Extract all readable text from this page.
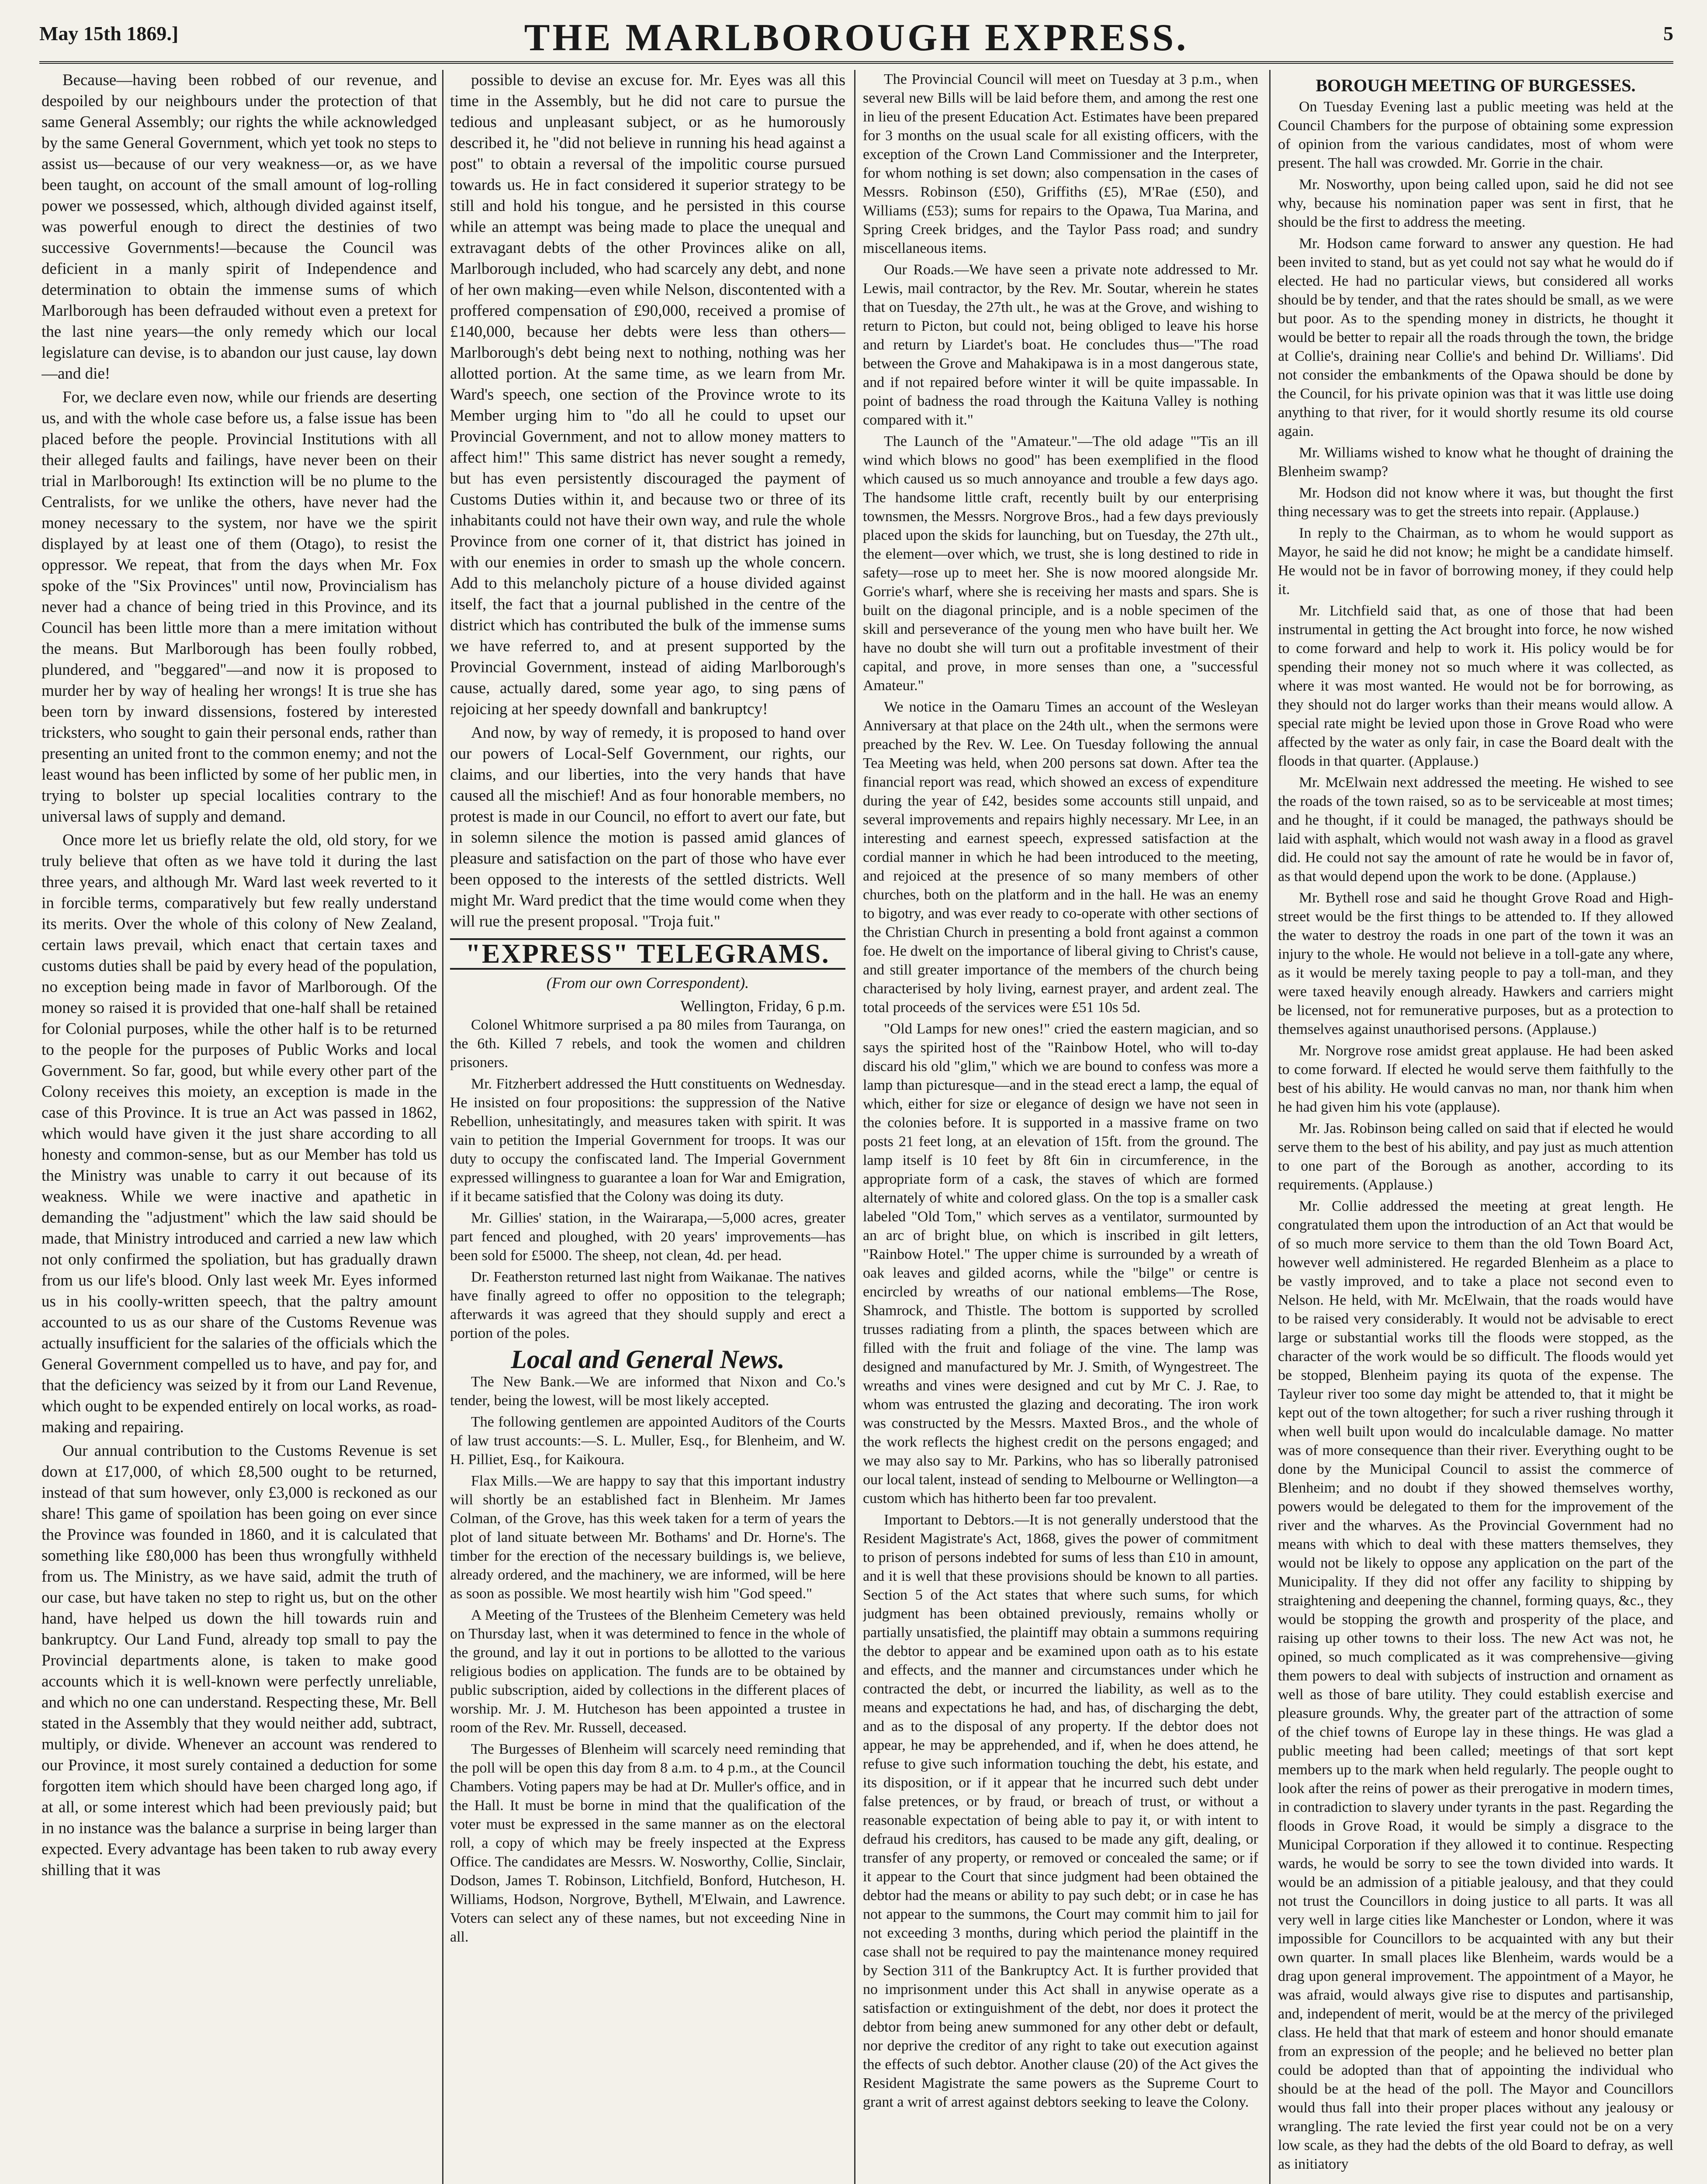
May 15th 1869.]	THE MARLBOROUGH EXPRESS.	5

Because—having been robbed of our revenue, and despoiled by our neighbours under the protection of that same General Assembly; our rights the while acknowledged by the same General Government, which yet took no steps to assist us—because of our very weakness—or, as we have been taught, on account of the small amount of log-rolling power we possessed, which, although divided against itself, was powerful enough to direct the destinies of two successive Governments!—because the Council was deficient in a manly spirit of Independence and determination to obtain the immense sums of which Marlborough has been defrauded without even a pretext for the last nine years—the only remedy which our local legislature can devise, is to abandon our just cause, lay down—and die!

For, we declare even now, while our friends are deserting us, and with the whole case before us, a false issue has been placed before the people. Provincial Institutions with all their alleged faults and failings, have never been on their trial in Marlborough! Its extinction will be no plume to the Centralists, for we unlike the others, have never had the money necessary to the system, nor have we the spirit displayed by at least one of them (Otago), to resist the oppressor. We repeat, that from the days when Mr. Fox spoke of the "Six Provinces" until now, Provincialism has never had a chance of being tried in this Province, and its Council has been little more than a mere imitation without the means. But Marlborough has been foully robbed, plundered, and "beggared"—and now it is proposed to murder her by way of healing her wrongs! It is true she has been torn by inward dissensions, fostered by interested tricksters, who sought to gain their personal ends, rather than presenting an united front to the common enemy; and not the least wound has been inflicted by some of her public men, in trying to bolster up special localities contrary to the universal laws of supply and demand.

Once more let us briefly relate the old, old story, for we truly believe that often as we have told it during the last three years, and although Mr. Ward last week reverted to it in forcible terms, comparatively but few really understand its merits. Over the whole of this colony of New Zealand, certain laws prevail, which enact that certain taxes and customs duties shall be paid by every head of the population, no exception being made in favor of Marlborough. Of the money so raised it is provided that one-half shall be retained for Colonial purposes, while the other half is to be returned to the people for the purposes of Public Works and local Government. So far, good, but while every other part of the Colony receives this moiety, an exception is made in the case of this Province. It is true an Act was passed in 1862, which would have given it the just share according to all honesty and common-sense, but as our Member has told us the Ministry was unable to carry it out because of its weakness. While we were inactive and apathetic in demanding the "adjustment" which the law said should be made, that Ministry introduced and carried a new law which not only confirmed the spoliation, but has gradually drawn from us our life's blood. Only last week Mr. Eyes informed us in his coolly-written speech, that the paltry amount accounted to us as our share of the Customs Revenue was actually insufficient for the salaries of the officials which the General Government compelled us to have, and pay for, and that the deficiency was seized by it from our Land Revenue, which ought to be expended entirely on local works, as road-making and repairing.

Our annual contribution to the Customs Revenue is set down at £17,000, of which £8,500 ought to be returned, instead of that sum however, only £3,000 is reckoned as our share! This game of spoilation has been going on ever since the Province was founded in 1860, and it is calculated that something like £80,000 has been thus wrongfully withheld from us. The Ministry, as we have said, admit the truth of our case, but have taken no step to right us, but on the other hand, have helped us down the hill towards ruin and bankruptcy. Our Land Fund, already top small to pay the Provincial departments alone, is taken to make good accounts which it is well-known were perfectly unreliable, and which no one can understand. Respecting these, Mr. Bell stated in the Assembly that they would neither add, subtract, multiply, or divide. Whenever an account was rendered to our Province, it most surely contained a deduction for some forgotten item which should have been charged long ago, if at all, or some interest which had been previously paid; but in no instance was the balance a surprise in being larger than expected. Every advantage has been taken to rub away every shilling that it was

possible to devise an excuse for. Mr. Eyes was all this time in the Assembly, but he did not care to pursue the tedious and unpleasant subject, or as he humorously described it, he "did not believe in running his head against a post" to obtain a reversal of the impolitic course pursued towards us. He in fact considered it superior strategy to be still and hold his tongue, and he persisted in this course while an attempt was being made to place the unequal and extravagant debts of the other Provinces alike on all, Marlborough included, who had scarcely any debt, and none of her own making—even while Nelson, discontented with a proffered compensation of £90,000, received a promise of £140,000, because her debts were less than others—Marlborough's debt being next to nothing, nothing was her allotted portion. At the same time, as we learn from Mr. Ward's speech, one section of the Province wrote to its Member urging him to "do all he could to upset our Provincial Government, and not to allow money matters to affect him!" This same district has never sought a remedy, but has even persistently discouraged the payment of Customs Duties within it, and because two or three of its inhabitants could not have their own way, and rule the whole Province from one corner of it, that district has joined in with our enemies in order to smash up the whole concern. Add to this melancholy picture of a house divided against itself, the fact that a journal published in the centre of the district which has contributed the bulk of the immense sums we have referred to, and at present supported by the Provincial Government, instead of aiding Marlborough's cause, actually dared, some year ago, to sing pæns of rejoicing at her speedy downfall and bankruptcy!

And now, by way of remedy, it is proposed to hand over our powers of Local-Self Government, our rights, our claims, and our liberties, into the very hands that have caused all the mischief! And as four honorable members, no protest is made in our Council, no effort to avert our fate, but in solemn silence the motion is passed amid glances of pleasure and satisfaction on the part of those who have ever been opposed to the interests of the settled districts. Well might Mr. Ward predict that the time would come when they will rue the present proposal. "Troja fuit."

"EXPRESS" TELEGRAMS.
(From our own Correspondent).
Wellington, Friday, 6 p.m.

Colonel Whitmore surprised a pa 80 miles from Tauranga, on the 6th. Killed 7 rebels, and took the women and children prisoners.

Mr. Fitzherbert addressed the Hutt constituents on Wednesday. He insisted on four propositions: the suppression of the Native Rebellion, unhesitatingly, and measures taken with spirit. It was vain to petition the Imperial Government for troops. It was our duty to occupy the confiscated land. The Imperial Government expressed willingness to guarantee a loan for War and Emigration, if it became satisfied that the Colony was doing its duty.

Mr. Gillies' station, in the Wairarapa,—5,000 acres, greater part fenced and ploughed, with 20 years' improvements—has been sold for £5000. The sheep, not clean, 4d. per head.

Dr. Featherston returned last night from Waikanae. The natives have finally agreed to offer no opposition to the telegraph; afterwards it was agreed that they should supply and erect a portion of the poles.

Local and General News.

The New Bank.—We are informed that Nixon and Co.'s tender, being the lowest, will be most likely accepted.

The following gentlemen are appointed Auditors of the Courts of law trust accounts:—S. L. Muller, Esq., for Blenheim, and W. H. Pilliet, Esq., for Kaikoura.

Flax Mills.—We are happy to say that this important industry will shortly be an established fact in Blenheim. Mr James Colman, of the Grove, has this week taken for a term of years the plot of land situate between Mr. Bothams' and Dr. Horne's. The timber for the erection of the necessary buildings is, we believe, already ordered, and the machinery, we are informed, will be here as soon as possible. We most heartily wish him "God speed."

A Meeting of the Trustees of the Blenheim Cemetery was held on Thursday last, when it was determined to fence in the whole of the ground, and lay it out in portions to be allotted to the various religious bodies on application. The funds are to be obtained by public subscription, aided by collections in the different places of worship. Mr. J. M. Hutcheson has been appointed a trustee in room of the Rev. Mr. Russell, deceased.

The Burgesses of Blenheim will scarcely need reminding that the poll will be open this day from 8 a.m. to 4 p.m., at the Council Chambers. Voting papers may be had at Dr. Muller's office, and in the Hall. It must be borne in mind that the qualification of the voter must be expressed in the same manner as on the electoral roll, a copy of which may be freely inspected at the Express Office. The candidates are Messrs. W. Nosworthy, Collie, Sinclair, Dodson, James T. Robinson, Litchfield, Bonford, Hutcheson, H. Williams, Hodson, Norgrove, Bythell, M'Elwain, and Lawrence. Voters can select any of these names, but not exceeding Nine in all.

The Provincial Council will meet on Tuesday at 3 p.m., when several new Bills will be laid before them, and among the rest one in lieu of the present Education Act. Estimates have been prepared for 3 months on the usual scale for all existing officers, with the exception of the Crown Land Commissioner and the Interpreter, for whom nothing is set down; also compensation in the cases of Messrs. Robinson (£50), Griffiths (£5), M'Rae (£50), and Williams (£53); sums for repairs to the Opawa, Tua Marina, and Spring Creek bridges, and the Taylor Pass road; and sundry miscellaneous items.

Our Roads.—We have seen a private note addressed to Mr. Lewis, mail contractor, by the Rev. Mr. Soutar, wherein he states that on Tuesday, the 27th ult., he was at the Grove, and wishing to return to Picton, but could not, being obliged to leave his horse and return by Liardet's boat. He concludes thus—"The road between the Grove and Mahakipawa is in a most dangerous state, and if not repaired before winter it will be quite impassable. In point of badness the road through the Kaituna Valley is nothing compared with it."

The Launch of the "Amateur."—The old adage "'Tis an ill wind which blows no good" has been exemplified in the flood which caused us so much annoyance and trouble a few days ago. The handsome little craft, recently built by our enterprising townsmen, the Messrs. Norgrove Bros., had a few days previously placed upon the skids for launching, but on Tuesday, the 27th ult., the element—over which, we trust, she is long destined to ride in safety—rose up to meet her. She is now moored alongside Mr. Gorrie's wharf, where she is receiving her masts and spars. She is built on the diagonal principle, and is a noble specimen of the skill and perseverance of the young men who have built her. We have no doubt she will turn out a profitable investment of their capital, and prove, in more senses than one, a "successful Amateur."

We notice in the Oamaru Times an account of the Wesleyan Anniversary at that place on the 24th ult., when the sermons were preached by the Rev. W. Lee. On Tuesday following the annual Tea Meeting was held, when 200 persons sat down. After tea the financial report was read, which showed an excess of expenditure during the year of £42, besides some accounts still unpaid, and several improvements and repairs highly necessary. Mr Lee, in an interesting and earnest speech, expressed satisfaction at the cordial manner in which he had been introduced to the meeting, and rejoiced at the presence of so many members of other churches, both on the platform and in the hall. He was an enemy to bigotry, and was ever ready to co-operate with other sections of the Christian Church in presenting a bold front against a common foe. He dwelt on the importance of liberal giving to Christ's cause, and still greater importance of the members of the church being characterised by holy living, earnest prayer, and ardent zeal. The total proceeds of the services were £51 10s 5d.

"Old Lamps for new ones!" cried the eastern magician, and so says the spirited host of the "Rainbow Hotel, who will to-day discard his old "glim," which we are bound to confess was more a lamp than picturesque—and in the stead erect a lamp, the equal of which, either for size or elegance of design we have not seen in the colonies before. It is supported in a massive frame on two posts 21 feet long, at an elevation of 15ft. from the ground. The lamp itself is 10 feet by 8ft 6in in circumference, in the appropriate form of a cask, the staves of which are formed alternately of white and colored glass. On the top is a smaller cask labeled "Old Tom," which serves as a ventilator, surmounted by an arc of bright blue, on which is inscribed in gilt letters, "Rainbow Hotel." The upper chime is surrounded by a wreath of oak leaves and gilded acorns, while the "bilge" or centre is encircled by wreaths of our national emblems—The Rose, Shamrock, and Thistle. The bottom is supported by scrolled trusses radiating from a plinth, the spaces between which are filled with the fruit and foliage of the vine. The lamp was designed and manufactured by Mr. J. Smith, of Wyngestreet. The wreaths and vines were designed and cut by Mr C. J. Rae, to whom was entrusted the glazing and decorating. The iron work was constructed by the Messrs. Maxted Bros., and the whole of the work reflects the highest credit on the persons engaged; and we may also say to Mr. Parkins, who has so liberally patronised our local talent, instead of sending to Melbourne or Wellington—a custom which has hitherto been far too prevalent.

Important to Debtors.—It is not generally understood that the Resident Magistrate's Act, 1868, gives the power of commitment to prison of persons indebted for sums of less than £10 in amount, and it is well that these provisions should be known to all parties. Section 5 of the Act states that where such sums, for which judgment has been obtained previously, remains wholly or partially unsatisfied, the plaintiff may obtain a summons requiring the debtor to appear and be examined upon oath as to his estate and effects, and the manner and circumstances under which he contracted the debt, or incurred the liability, as well as to the means and expectations he had, and has, of discharging the debt, and as to the disposal of any property. If the debtor does not appear, he may be apprehended, and if, when he does attend, he refuse to give such information touching the debt, his estate, and its disposition, or if it appear that he incurred such debt under false pretences, or by fraud, or breach of trust, or without a reasonable expectation of being able to pay it, or with intent to defraud his creditors, has caused to be made any gift, dealing, or transfer of any property, or removed or concealed the same; or if it appear to the Court that since judgment had been obtained the debtor had the means or ability to pay such debt; or in case he has not appear to the summons, the Court may commit him to jail for not exceeding 3 months, during which period the plaintiff in the case shall not be required to pay the maintenance money required by Section 311 of the Bankruptcy Act. It is further provided that no imprisonment under this Act shall in anywise operate as a satisfaction or extinguishment of the debt, nor does it protect the debtor from being anew summoned for any other debt or default, nor deprive the creditor of any right to take out execution against the effects of such debtor. Another clause (20) of the Act gives the Resident Magistrate the same powers as the Supreme Court to grant a writ of arrest against debtors seeking to leave the Colony.

BOROUGH MEETING OF BURGESSES.

On Tuesday Evening last a public meeting was held at the Council Chambers for the purpose of obtaining some expression of opinion from the various candidates, most of whom were present. The hall was crowded. Mr. Gorrie in the chair.

Mr. Nosworthy, upon being called upon, said he did not see why, because his nomination paper was sent in first, that he should be the first to address the meeting.

Mr. Hodson came forward to answer any question. He had been invited to stand, but as yet could not say what he would do if elected. He had no particular views, but considered all works should be by tender, and that the rates should be small, as we were but poor. As to the spending money in districts, he thought it would be better to repair all the roads through the town, the bridge at Collie's, draining near Collie's and behind Dr. Williams'. Did not consider the embankments of the Opawa should be done by the Council, for his private opinion was that it was little use doing anything to that river, for it would shortly resume its old course again.

Mr. Williams wished to know what he thought of draining the Blenheim swamp?

Mr. Hodson did not know where it was, but thought the first thing necessary was to get the streets into repair. (Applause.)

In reply to the Chairman, as to whom he would support as Mayor, he said he did not know; he might be a candidate himself. He would not be in favor of borrowing money, if they could help it.

Mr. Litchfield said that, as one of those that had been instrumental in getting the Act brought into force, he now wished to come forward and help to work it. His policy would be for spending their money not so much where it was collected, as where it was most wanted. He would not be for borrowing, as they should not do larger works than their means would allow. A special rate might be levied upon those in Grove Road who were affected by the water as only fair, in case the Board dealt with the floods in that quarter. (Applause.)

Mr. McElwain next addressed the meeting. He wished to see the roads of the town raised, so as to be serviceable at most times; and he thought, if it could be managed, the pathways should be laid with asphalt, which would not wash away in a flood as gravel did. He could not say the amount of rate he would be in favor of, as that would depend upon the work to be done. (Applause.)

Mr. Bythell rose and said he thought Grove Road and High-street would be the first things to be attended to. If they allowed the water to destroy the roads in one part of the town it was an injury to the whole. He would not believe in a toll-gate any where, as it would be merely taxing people to pay a toll-man, and they were taxed heavily enough already. Hawkers and carriers might be licensed, not for remunerative purposes, but as a protection to themselves against unauthorised persons. (Applause.)

Mr. Norgrove rose amidst great applause. He had been asked to come forward. If elected he would serve them faithfully to the best of his ability. He would canvas no man, nor thank him when he had given him his vote (applause).

Mr. Jas. Robinson being called on said that if elected he would serve them to the best of his ability, and pay just as much attention to one part of the Borough as another, according to its requirements. (Applause.)

Mr. Collie addressed the meeting at great length. He congratulated them upon the introduction of an Act that would be of so much more service to them than the old Town Board Act, however well administered. He regarded Blenheim as a place to be vastly improved, and to take a place not second even to Nelson. He held, with Mr. McElwain, that the roads would have to be raised very considerably. It would not be advisable to erect large or substantial works till the floods were stopped, as the character of the work would be so difficult. The floods would yet be stopped, Blenheim paying its quota of the expense. The Tayleur river too some day might be attended to, that it might be kept out of the town altogether; for such a river rushing through it when well built upon would do incalculable damage. No matter was of more consequence than their river. Everything ought to be done by the Municipal Council to assist the commerce of Blenheim; and no doubt if they showed themselves worthy, powers would be delegated to them for the improvement of the river and the wharves. As the Provincial Government had no means with which to deal with these matters themselves, they would not be likely to oppose any application on the part of the Municipality. If they did not offer any facility to shipping by straightening and deepening the channel, forming quays, &c., they would be stopping the growth and prosperity of the place, and raising up other towns to their loss. The new Act was not, he opined, so much complicated as it was comprehensive—giving them powers to deal with subjects of instruction and ornament as well as those of bare utility. They could establish exercise and pleasure grounds. Why, the greater part of the attraction of some of the chief towns of Europe lay in these things. He was glad a public meeting had been called; meetings of that sort kept members up to the mark when held regularly. The people ought to look after the reins of power as their prerogative in modern times, in contradiction to slavery under tyrants in the past. Regarding the floods in Grove Road, it would be simply a disgrace to the Municipal Corporation if they allowed it to continue. Respecting wards, he would be sorry to see the town divided into wards. It would be an admission of a pitiable jealousy, and that they could not trust the Councillors in doing justice to all parts. It was all very well in large cities like Manchester or London, where it was impossible for Councillors to be acquainted with any but their own quarter. In small places like Blenheim, wards would be a drag upon general improvement. The appointment of a Mayor, he was afraid, would always give rise to disputes and partisanship, and, independent of merit, would be at the mercy of the privileged class. He held that that mark of esteem and honor should emanate from an expression of the people; and he believed no better plan could be adopted than that of appointing the individual who should be at the head of the poll. The Mayor and Councillors would thus fall into their proper places without any jealousy or wrangling. The rate levied the first year could not be on a very low scale, as they had the debts of the old Board to defray, as well as initiatory
